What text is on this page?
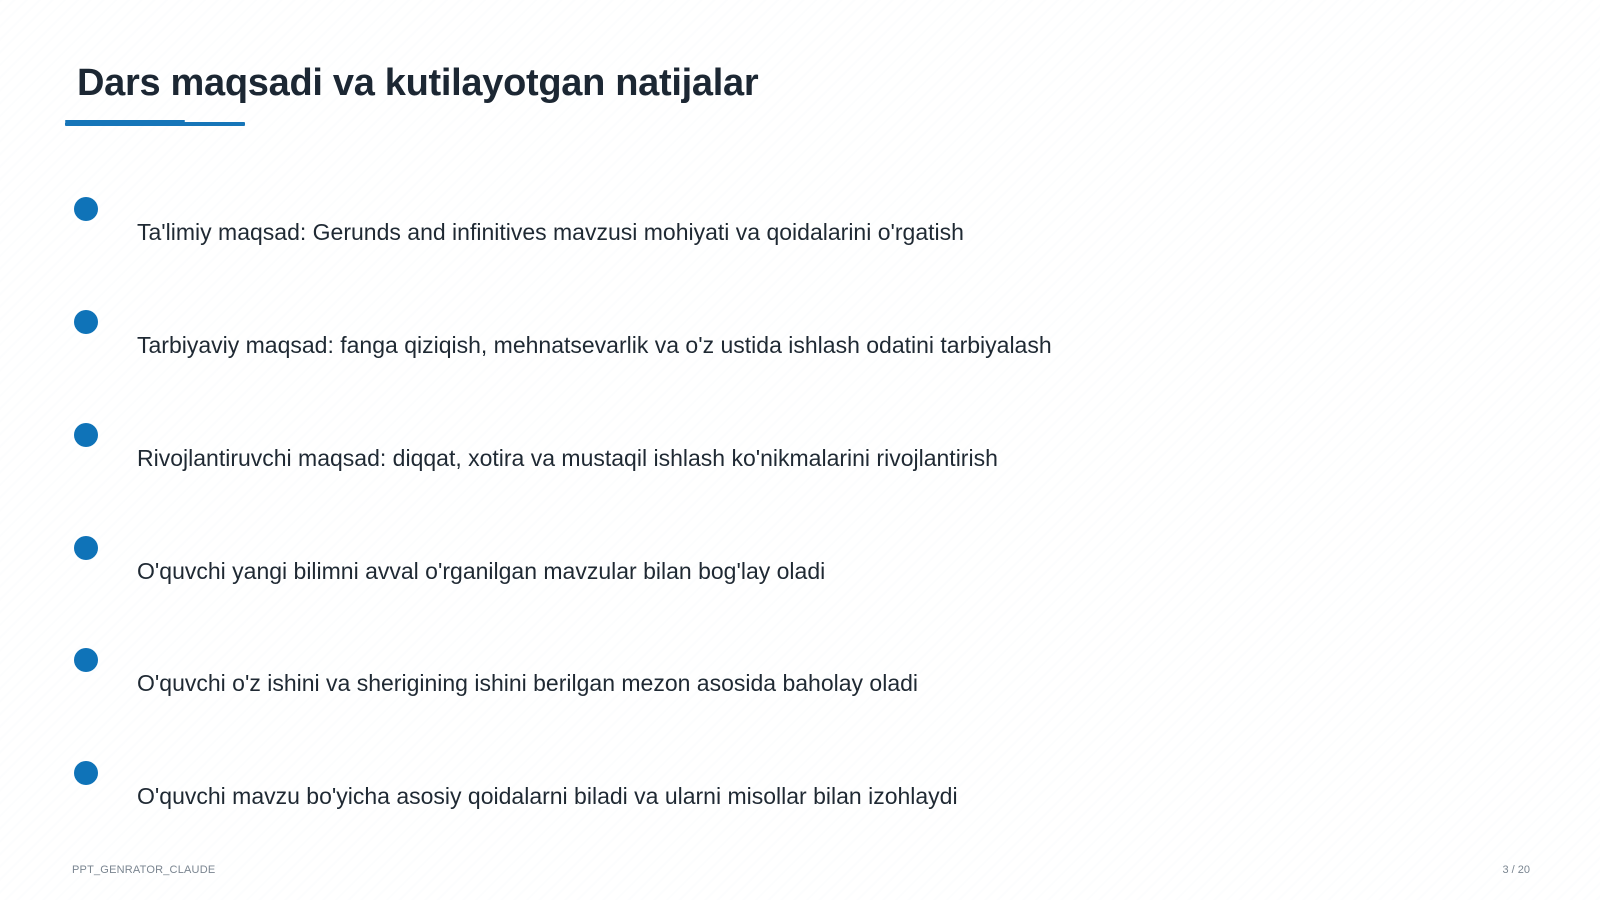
Dars maqsadi va kutilayotgan natijalar
Ta'limiy maqsad: Gerunds and infinitives mavzusi mohiyati va qoidalarini o'rgatish
Tarbiyaviy maqsad: fanga qiziqish, mehnatsevarlik va o'z ustida ishlash odatini tarbiyalash
Rivojlantiruvchi maqsad: diqqat, xotira va mustaqil ishlash ko'nikmalarini rivojlantirish
O'quvchi yangi bilimni avval o'rganilgan mavzular bilan bog'lay oladi
O'quvchi o'z ishini va sherigining ishini berilgan mezon asosida baholay oladi
O'quvchi mavzu bo'yicha asosiy qoidalarni biladi va ularni misollar bilan izohlaydi
PPT_GENRATOR_CLAUDE	3 / 20
